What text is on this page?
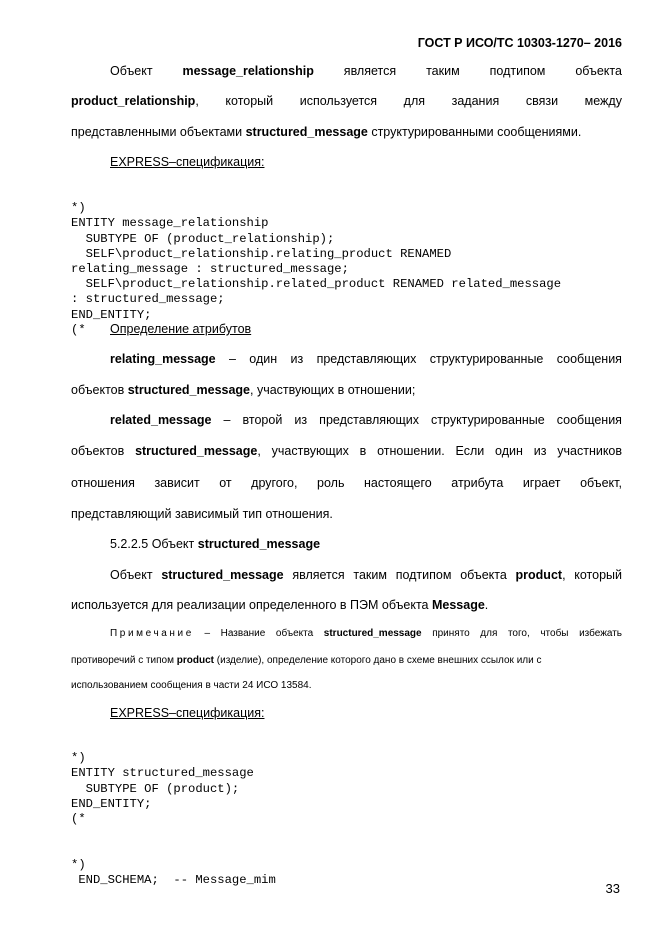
ГОСТ Р ИСО/ТС 10303-1270– 2016
Объект message_relationship является таким подтипом объекта
product_relationship, который используется для задания связи между
представленными объектами structured_message структурированными сообщениями.
EXPRESS–спецификация:

*)
ENTITY message_relationship
SUBTYPE OF (product_relationship);
SELF\product_relationship.relating_product RENAMED
relating_message : structured_message;
SELF\product_relationship.related_product RENAMED related_message
: structured_message;
END_ENTITY;
(*	Определение атрибутов
relating_message – один из представляющих структурированные сообщения
объектов structured_message, участвующих в отношении;
related_message – второй из представляющих структурированные сообщения
объектов structured_message, участвующих в отношении. Если один из участников
отношения зависит от другого, роль настоящего атрибута играет объект,
представляющий зависимый тип отношения.
5.2.2.5 Объект structured_message
Объект structured_message является таким подтипом объекта product, который
используется для реализации определенного в ПЭМ объекта Message.
Примечание – Название объекта structured_message принято для того, чтобы избежать
противоречий с типом product (изделие), определение которого дано в схеме внешних ссылок или с
использованием сообщения в части 24 ИСО 13584.
EXPRESS–спецификация:

*)
ENTITY structured_message
SUBTYPE OF (product);
END_ENTITY;
(*

*)
END_SCHEMA;  -- Message_mim

33
